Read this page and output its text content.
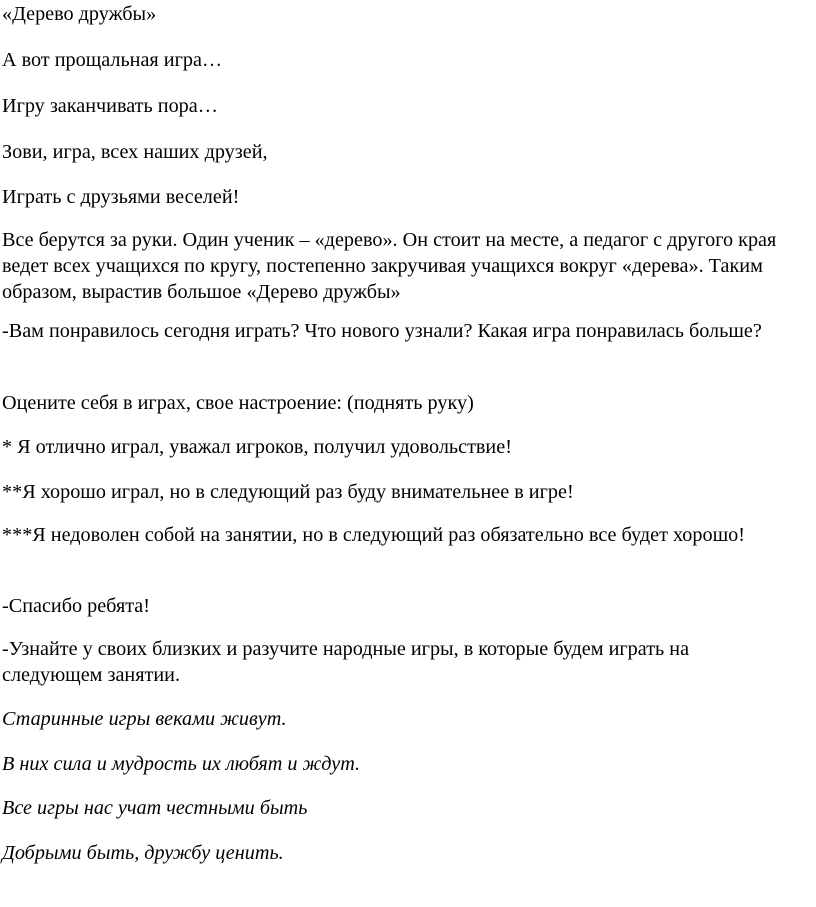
«Дерево дружбы»

А вот прощальная игра…

Игру заканчивать пора…

Зови, игра, всех наших друзей,

Играть с друзьями веселей!

Все берутся за руки. Один ученик – «дерево». Он стоит на месте, а педагог с другого края ведет всех учащихся по кругу, постепенно закручивая учащихся вокруг «дерева». Таким образом, вырастив большое «Дерево дружбы»

-Вам понравилось сегодня играть? Что нового узнали? Какая игра понравилась больше?

Оцените себя в играх, свое настроение: (поднять руку)

* Я отлично играл, уважал игроков, получил удовольствие!

**Я хорошо играл, но в следующий раз буду внимательнее в игре!

***Я недоволен собой на занятии, но в следующий раз обязательно все будет хорошо!

-Спасибо ребята!

-Узнайте у своих близких и разучите народные игры, в которые будем играть на следующем занятии.

Старинные игры веками живут.

В них сила и мудрость их любят и ждут.

Все игры нас учат честными быть

Добрыми быть, дружбу ценить.
